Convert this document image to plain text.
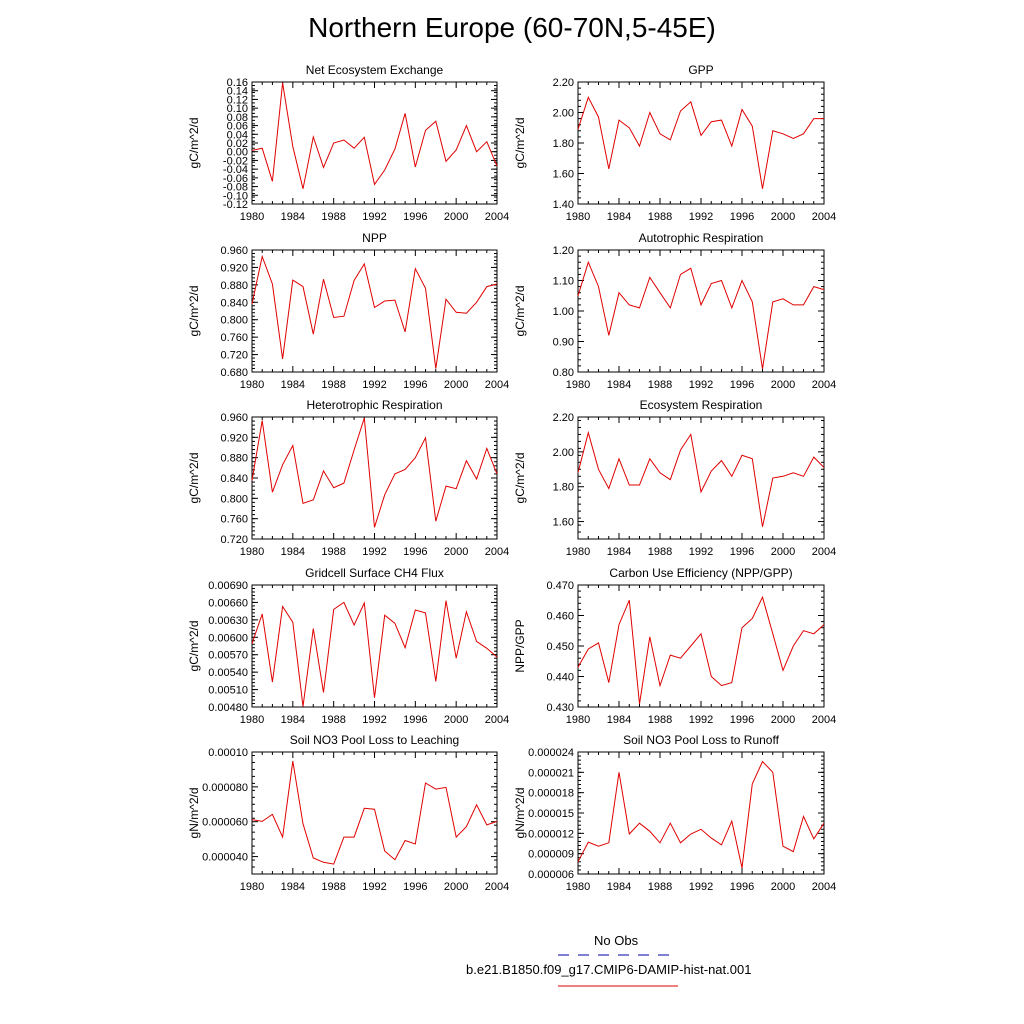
Northern Europe (60-70N,5-45E)
Net Ecosystem Exchange
gC/m^2/d
1980 1984 1988 1992 1996 2000 2004
-0.12
-0.08
-0.04
0.00
0.04
0.08
0.12
0.16
-0.10
-0.06
-0.02
0.02
0.06
0.10
0.14
GPP
gC/m^2/d
1980 1984 1988 1992 1996 2000 2004
1.40
1.60
1.80
2.00
2.20
NPP
gC/m^2/d
1980 1984 1988 1992 1996 2000 2004
0.680
0.720
0.760
0.800
0.840
0.880
0.920
0.960
Autotrophic Respiration
gC/m^2/d
1980 1984 1988 1992 1996 2000 2004
0.80
0.90
1.00
1.10
1.20
Heterotrophic Respiration
gC/m^2/d
1980 1984 1988 1992 1996 2000 2004
0.720
0.760
0.800
0.840
0.880
0.920
0.960
Ecosystem Respiration
gC/m^2/d
1980 1984 1988 1992 1996 2000 2004
1.60
1.80
2.00
2.20
Gridcell Surface CH4 Flux
gC/m^2/d
1980 1984 1988 1992 1996 2000 2004
0.00480
0.00510
0.00540
0.00570
0.00600
0.00630
0.00660
0.00690
Carbon Use Efficiency (NPP/GPP)
NPP/GPP
1980 1984 1988 1992 1996 2000 2004
0.430
0.440
0.450
0.460
0.470
Soil NO3 Pool Loss to Leaching
gN/m^2/d
1980 1984 1988 1992 1996 2000 2004
0.000040
0.000060
0.000080
0.00010
Soil NO3 Pool Loss to Runoff
gN/m^2/d
1980 1984 1988 1992 1996 2000 2004
0.000006
0.000009
0.000012
0.000015
0.000018
0.000021
0.000024
No Obs
b.e21.B1850.f09_g17.CMIP6-DAMIP-hist-nat.001
